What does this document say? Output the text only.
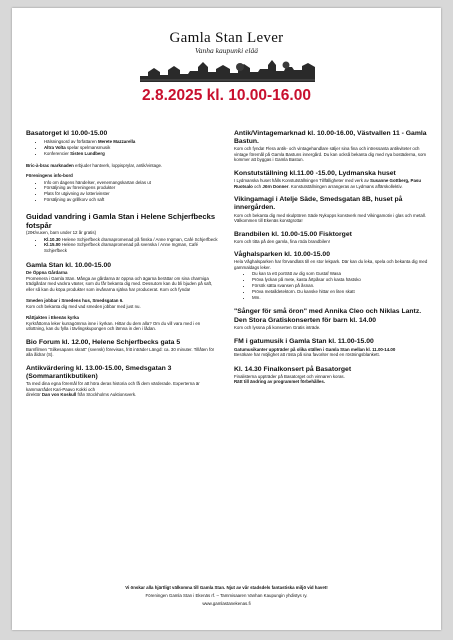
Gamla Stan Lever
Vanha kaupunki elää
2.8.2025 kl. 10.00-16.00
Basatorget kl 10.00-15.00
• Hälsningsord av författaren Merete Mazzarella
• Altra Volta spelar spelmansmusik
• Konferencier Sisten Lundberg

Bric-à-brac marknaden erbjuder hantverk, loppisprylar, antik/vintage.

Föreningens info-bord

• Info om dagens händelser, evenemangskartan delas ut
• Försäljning av föreningens produkter
• Plats för utgivning av lotterivinster
• Försäljning av grillkorv och saft
Guidad vandring i Gamla Stan i Helene Schjerfbecks fotspår

(20€/vuxen, barn under 12 år gratis)

• Kl.10.30 Helene Schjerfbeck dramapromenad på finska / Anne Ingman, Café Schjerfbeck
• Kl.15.00 Helene Schjerfbeck dramapromenad på svenska / Anne Ingman, Café Schjerfbeck
Gamla Stan kl. 10.00-15.00

De Öppna Gårdarna

Promenera i Gamla Stan. Många av gårdarna är öppna och ägarna berättar om sina charmiga trädgårdar med vackra växter, som du får bekanta dig med. Dessutom kan du bli bjuden på saft, eller så kan du köpa produkter som invånarna själva har producerat. Kom och fynda!

Smeden jobbar i Smedens hus, Smedsgatan 6.

Kom och bekanta dig med vad smeden jobbar med just nu.

Råttjakten i Ekenäs kyrka

Kyrkråttorna leker kurragömma inne i kyrkan. Hittar du dem alla? Om du vill vara med i en utlottning, kan du fylla i tävlingskupongen och lämna in den i lådan.

Bio Forum kl. 12.00, Helene Schjerfbecks gata 5

Barnfilmen "Silkesapans skratt" (svensk) förevisas, fritt inträde! Längd: ca. 30 minuter. Tillåten för alla åldrar (S).

Antikvärdering kl. 13.00-15.00, Smedsgatan 3 (Sommarantikbutiken)

Ta med dina egna föremål för att höra deras historia och få dem värderade. Experterna är kammarrådet Kari-Paavo Kokki och

direktör Dan von Koskull från Stockholms Auktionsverk.

Antik/Vintagemarknad kl. 10.00-16.00, Västvallen 11 - Gamla Bastun.

Kom och fynda! Flera antik- och vintagehandlare säljer sina fina och intressanta antikviteter och vintage föremål på Gamla Bastuns innergård. Du kan också bekanta dig med nya bostäderna, som kommer att byggas i Gamla Bastun.

Konstutställning kl.11.00 -15.00, Lydmanska huset

I Lydmanska huset hålls Konstutställningen Tillfälligheter med verk av Susanne Gottberg, Pasu Ruotsalo och Jörn Donner. Konstutställningen arrangeras av Lydmans affärskollektiv.

Vikingamagi i Atelje Säde, Smedsgatan 8B, huset på innergården.

Kom och bekanta dig med skulptören Säde Nykopps konstverk med Vikingamotiv i glas och metall. Välkommen till Ekenäs konstgrotta!

Brandbilen kl. 10.00-15.00 Fisktorget

Kom och titta på den gamla, fina röda brandbilen!

Våghalsparken kl. 10.00-15.00

Hela Våghalsparken har förvandlats till en stor lekpark. Där kan du leka, spela och bekanta dig med gammaldags leker.

• Du kan ta ett porträtt av dig som Gustaf Wasa
• Pröva lyckan på mete, kasta årtpåsar och kasta hästsko
• Försök sätta svansen på åsnan.
• Pröva metalldetektorn. Du kanske hittar en liten skatt
• Mm.
"Sånger för små öron" med Annika Cleo och Niklas Lantz. Den Stora Gratiskonserten för barn kl. 14.00

Kom och lyssna på konserten Gratis inträde.

FM i gatumusik i Gamla Stan kl. 11.00-15.00

Gatumusikanter uppträder på olika ställen i Gamla Stan mellan kl. 11.00-14.00

Besökare har möjlighet att rösta på sina favoriter med en röstningsblankett.

Kl. 14.30 Finalkonsert på Basatorget

Finalisterna uppträder på Basatorget och vinnaren koras.

Rätt till ändring av programmet förbehålles.

Vi önskar alla hjärtligt välkomna till Gamla Stan. Njut av vår stadsdels fantastiska miljö vid havet!
Föreningen Gamla Stan i Ekenäs rf. – Tammisaaren Vanhan Kaupungin yhdistys ry.
www.gamlastanekenas.fi
